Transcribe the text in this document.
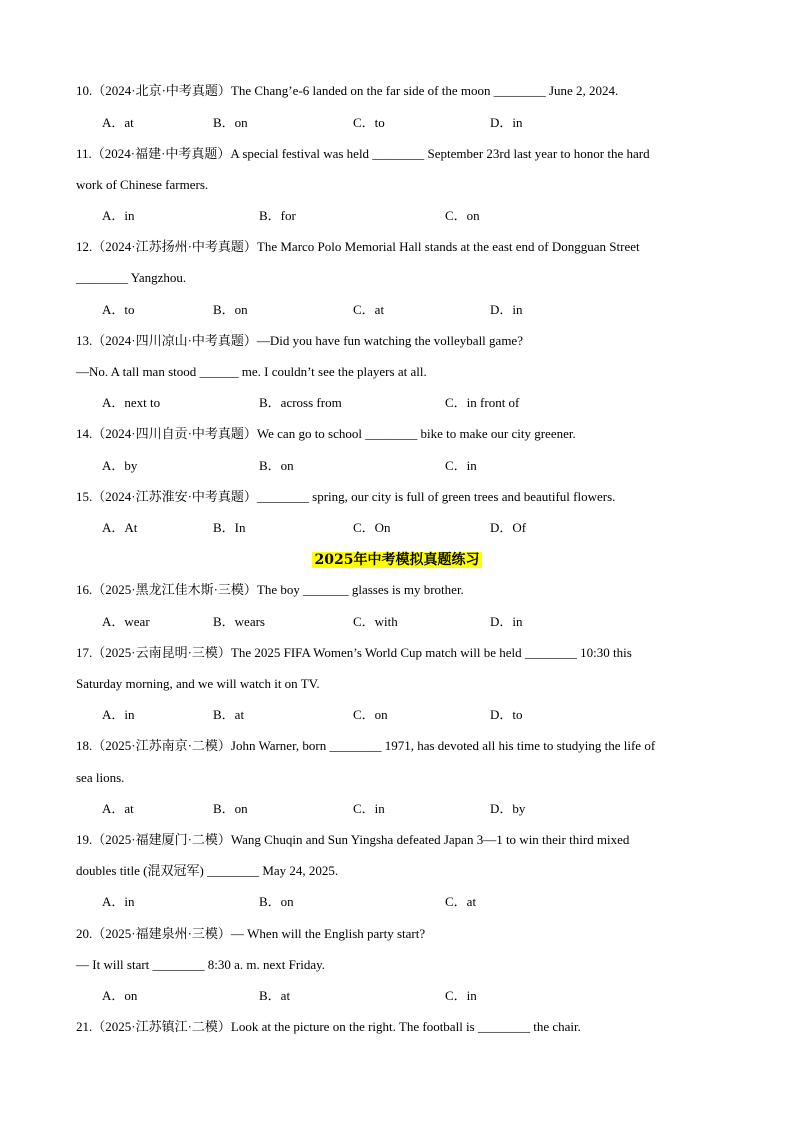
10.（2024·北京·中考真题）The Chang’e-6 landed on the far side of the moon ________ June 2, 2024.
A．at	B．on	C．to	D．in
11.（2024·福建·中考真题）A special festival was held ________ September 23rd last year to honor the hard
work of Chinese farmers.
A．in	B．for	C．on
12.（2024·江苏扬州·中考真题）The Marco Polo Memorial Hall stands at the east end of Dongguan Street
________ Yangzhou.
A．to	B．on	C．at	D．in
13.（2024·四川凉山·中考真题）—Did you have fun watching the volleyball game?
—No. A tall man stood ______ me. I couldn’t see the players at all.
A．next to	B．across from	C．in front of
14.（2024·四川自贡·中考真题）We can go to school ________ bike to make our city greener.
A．by	B．on	C．in
15.（2024·江苏淮安·中考真题）________ spring, our city is full of green trees and beautiful flowers.
A．At	B．In	C．On	D．Of
2025年中考模拟真题练习
16.（2025·黑龙江佳木斯·三模）The boy _______ glasses is my brother.
A．wear	B．wears	C．with	D．in
17.（2025·云南昆明·三模）The 2025 FIFA Women’s World Cup match will be held ________ 10:30 this
Saturday morning, and we will watch it on TV.
A．in	B．at	C．on	D．to
18.（2025·江苏南京·二模）John Warner, born ________ 1971, has devoted all his time to studying the life of
sea lions.
A．at	B．on	C．in	D．by
19.（2025·福建厦门·二模）Wang Chuqin and Sun Yingsha defeated Japan 3—1 to win their third mixed
doubles title (混双冠军) ________ May 24, 2025.
A．in	B．on	C．at
20.（2025·福建泉州·三模）— When will the English party start?
— It will start ________ 8:30 a. m. next Friday.
A．on	B．at	C．in
21.（2025·江苏镇江·二模）Look at the picture on the right. The football is ________ the chair.
